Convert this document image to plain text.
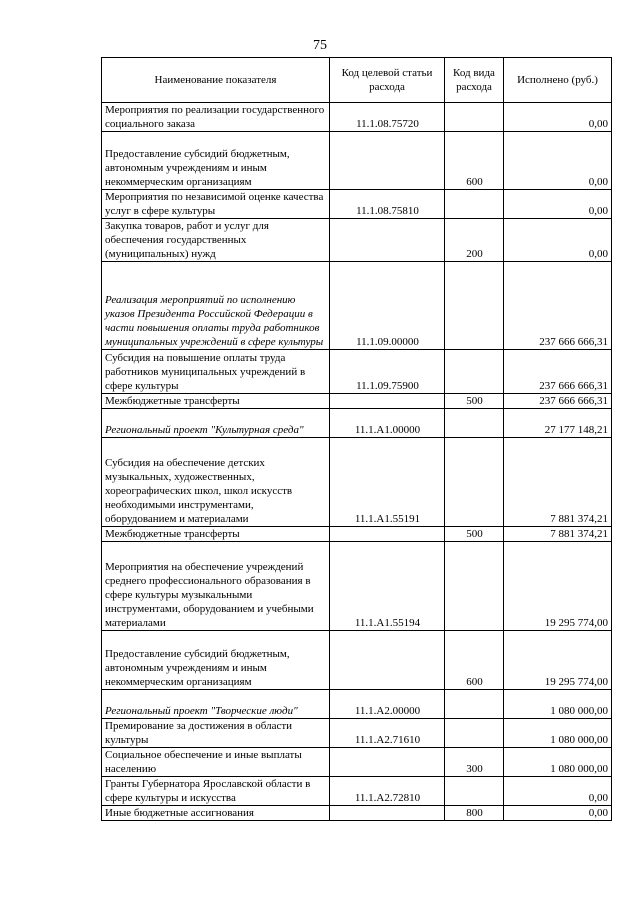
75
Наименование показателя	Код целевой статьи расхода	Код вида расхода	Исполнено (руб.)
Мероприятия по реализации государственного социального заказа	11.1.08.75720		0,00
Предоставление субсидий бюджетным, автономным учреждениям и иным некоммерческим организациям		600	0,00
Мероприятия по независимой оценке качества услуг в сфере культуры	11.1.08.75810		0,00
Закупка товаров, работ и услуг для обеспечения государственных (муниципальных) нужд		200	0,00
Реализация мероприятий по исполнению указов Президента Российской Федерации в части повышения оплаты труда работников муниципальных учреждений в сфере культуры	11.1.09.00000		237 666 666,31
Субсидия на повышение оплаты труда работников муниципальных учреждений в сфере культуры	11.1.09.75900		237 666 666,31
Межбюджетные трансферты		500	237 666 666,31
Региональный проект "Культурная среда"	11.1.А1.00000		27 177 148,21
Субсидия на обеспечение детских музыкальных, художественных, хореографических школ, школ искусств необходимыми инструментами, оборудованием и материалами	11.1.А1.55191		7 881 374,21
Межбюджетные трансферты		500	7 881 374,21
Мероприятия на обеспечение учреждений среднего профессионального образования в сфере культуры музыкальными инструментами, оборудованием и учебными материалами	11.1.А1.55194		19 295 774,00
Предоставление субсидий бюджетным, автономным учреждениям и иным некоммерческим организациям		600	19 295 774,00
Региональный проект "Творческие люди"	11.1.А2.00000		1 080 000,00
Премирование за достижения в области культуры	11.1.А2.71610		1 080 000,00
Социальное обеспечение и иные выплаты населению		300	1 080 000,00
Гранты Губернатора Ярославской области в сфере культуры и искусства	11.1.А2.72810		0,00
Иные бюджетные ассигнования		800	0,00
